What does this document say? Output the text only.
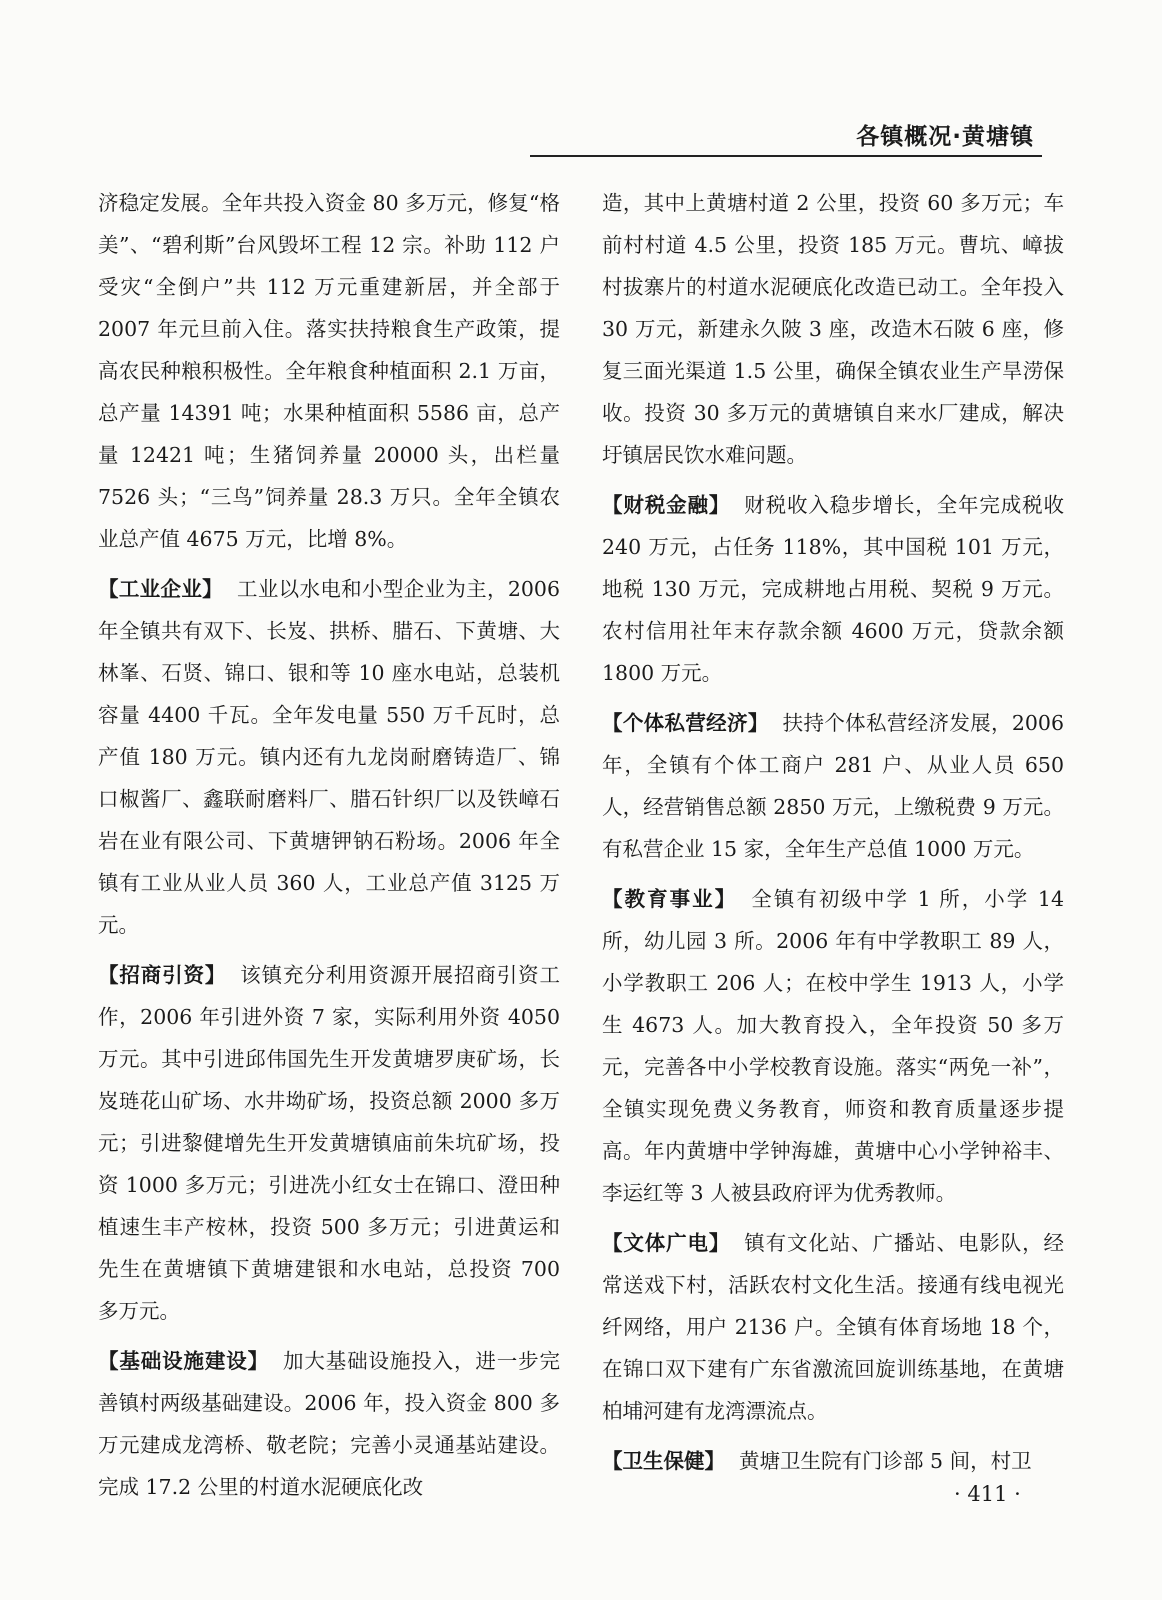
各镇概况·黄塘镇

济稳定发展。全年共投入资金 80 多万元，修复“格美”、“碧利斯”台风毁坏工程 12 宗。补助 112 户受灾“全倒户”共 112 万元重建新居，并全部于 2007 年元旦前入住。落实扶持粮食生产政策，提高农民种粮积极性。全年粮食种植面积 2.1 万亩，总产量 14391 吨；水果种植面积 5586 亩，总产量 12421 吨；生猪饲养量 20000 头，出栏量 7526 头；“三鸟”饲养量 28.3 万只。全年全镇农业总产值 4675 万元，比增 8%。

【工业企业】 工业以水电和小型企业为主，2006 年全镇共有双下、长岌、拱桥、腊石、下黄塘、大林峯、石贤、锦口、银和等 10 座水电站，总装机容量 4400 千瓦。全年发电量 550 万千瓦时，总产值 180 万元。镇内还有九龙岗耐磨铸造厂、锦口椒酱厂、鑫联耐磨料厂、腊石针织厂以及铁嶂石岩在业有限公司、下黄塘钾钠石粉场。2006 年全镇有工业从业人员 360 人，工业总产值 3125 万元。

【招商引资】 该镇充分利用资源开展招商引资工作，2006 年引进外资 7 家，实际利用外资 4050 万元。其中引进邱伟国先生开发黄塘罗庚矿场，长岌琏花山矿场、水井坳矿场，投资总额 2000 多万元；引进黎健增先生开发黄塘镇庙前朱坑矿场，投资 1000 多万元；引进冼小红女士在锦口、澄田种植速生丰产桉林，投资 500 多万元；引进黄运和先生在黄塘镇下黄塘建银和水电站，总投资 700 多万元。

【基础设施建设】 加大基础设施投入，进一步完善镇村两级基础建设。2006 年，投入资金 800 多万元建成龙湾桥、敬老院；完善小灵通基站建设。完成 17.2 公里的村道水泥硬底化改

造，其中上黄塘村道 2 公里，投资 60 多万元；车前村村道 4.5 公里，投资 185 万元。曹坑、嶂拔村拔寨片的村道水泥硬底化改造已动工。全年投入 30 万元，新建永久陂 3 座，改造木石陂 6 座，修复三面光渠道 1.5 公里，确保全镇农业生产旱涝保收。投资 30 多万元的黄塘镇自来水厂建成，解决圩镇居民饮水难问题。

【财税金融】 财税收入稳步增长，全年完成税收 240 万元，占任务 118%，其中国税 101 万元，地税 130 万元，完成耕地占用税、契税 9 万元。农村信用社年末存款余额 4600 万元，贷款余额 1800 万元。

【个体私营经济】 扶持个体私营经济发展，2006 年，全镇有个体工商户 281 户、从业人员 650 人，经营销售总额 2850 万元，上缴税费 9 万元。有私营企业 15 家，全年生产总值 1000 万元。

【教育事业】 全镇有初级中学 1 所，小学 14 所，幼儿园 3 所。2006 年有中学教职工 89 人，小学教职工 206 人；在校中学生 1913 人，小学生 4673 人。加大教育投入，全年投资 50 多万元，完善各中小学校教育设施。落实“两免一补”，全镇实现免费义务教育，师资和教育质量逐步提高。年内黄塘中学钟海雄，黄塘中心小学钟裕丰、李运红等 3 人被县政府评为优秀教师。

【文体广电】 镇有文化站、广播站、电影队，经常送戏下村，活跃农村文化生活。接通有线电视光纤网络，用户 2136 户。全镇有体育场地 18 个，在锦口双下建有广东省激流回旋训练基地，在黄塘柏埔河建有龙湾漂流点。

【卫生保健】 黄塘卫生院有门诊部 5 间，村卫

· 411 ·
